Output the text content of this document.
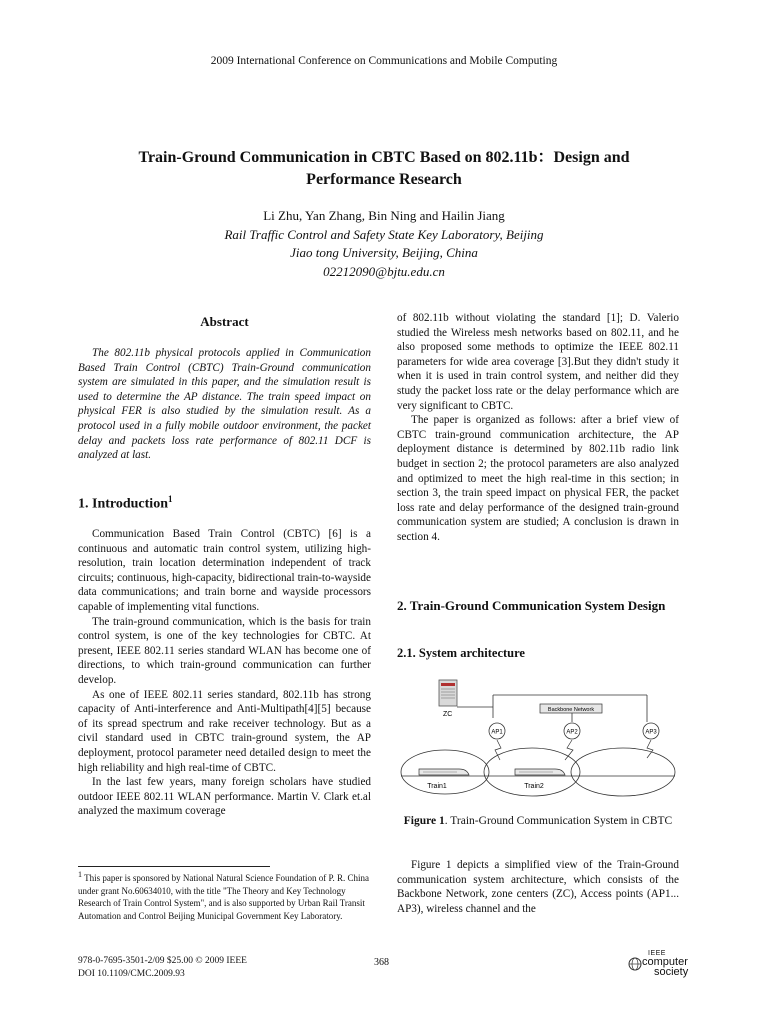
2009 International Conference on Communications and Mobile Computing
Train-Ground Communication in CBTC Based on 802.11b：Design and
Performance Research
Li Zhu, Yan Zhang, Bin Ning and Hailin Jiang
Rail Traffic Control and Safety State Key Laboratory, Beijing
Jiao tong University, Beijing, China
02212090@bjtu.edu.cn
Abstract

The 802.11b physical protocols applied in Communication Based Train Control (CBTC) Train-Ground communication system are simulated in this paper, and the simulation result is used to determine the AP distance. The train speed impact on physical FER is also studied by the simulation result. As a protocol used in a fully mobile outdoor environment, the packet delay and packets loss rate performance of 802.11 DCF is analyzed at last.

1. Introduction$^1$

Communication Based Train Control (CBTC) [6] is a continuous and automatic train control system, utilizing high-resolution, train location determination independent of track circuits; continuous, high-capacity, bidirectional train-to-wayside data communications; and train borne and wayside processors capable of implementing vital functions.

The train-ground communication, which is the basis for train control system, is one of the key technologies for CBTC. At present, IEEE 802.11 series standard WLAN has become one of directions, to which train-ground communication can further develop.

As one of IEEE 802.11 series standard, 802.11b has strong capacity of Anti-interference and Anti-Multipath[4][5] because of its spread spectrum and rake receiver technology. But as a civil standard used in CBTC train-ground system, the AP deployment, protocol parameter need detailed design to meet the high reliability and high real-time of CBTC.

In the last few years, many foreign scholars have studied outdoor IEEE 802.11 WLAN performance. Martin V. Clark et.al analyzed the maximum coverage

$^1$ This paper is sponsored by National Natural Science Foundation of P. R. China under grant No.60634010, with the title "The Theory and Key Technology Research of Train Control System", and is also supported by Urban Rail Transit Automation and Control Beijing Municipal Government Key Laboratory.

of 802.11b without violating the standard [1]; D. Valerio studied the Wireless mesh networks based on 802.11, and he also proposed some methods to optimize the IEEE 802.11 parameters for wide area coverage [3].But they didn't study it when it is used in train control system, and neither did they study the packet loss rate or the delay performance which are very significant to CBTC.

The paper is organized as follows: after a brief view of CBTC train-ground communication architecture, the AP deployment distance is determined by 802.11b radio link budget in section 2; the protocol parameters are also analyzed and optimized to meet the high real-time in this section; in section 3, the train speed impact on physical FER, the packet loss rate and delay performance of the designed train-ground communication system are studied; A conclusion is drawn in section 4.

2. Train-Ground Communication System Design
2.1. System architecture
ZC
Backbone Network
AP1	AP2	AP3
Train1	Train2
Figure 1. Train-Ground Communication System in CBTC

Figure 1 depicts a simplified view of the Train-Ground communication system architecture, which consists of the Backbone Network, zone centers (ZC), Access points (AP1... AP3), wireless channel and the

978-0-7695-3501-2/09 $25.00 © 2009 IEEE
DOI 10.1109/CMC.2009.93
368
IEEE
computer
society
